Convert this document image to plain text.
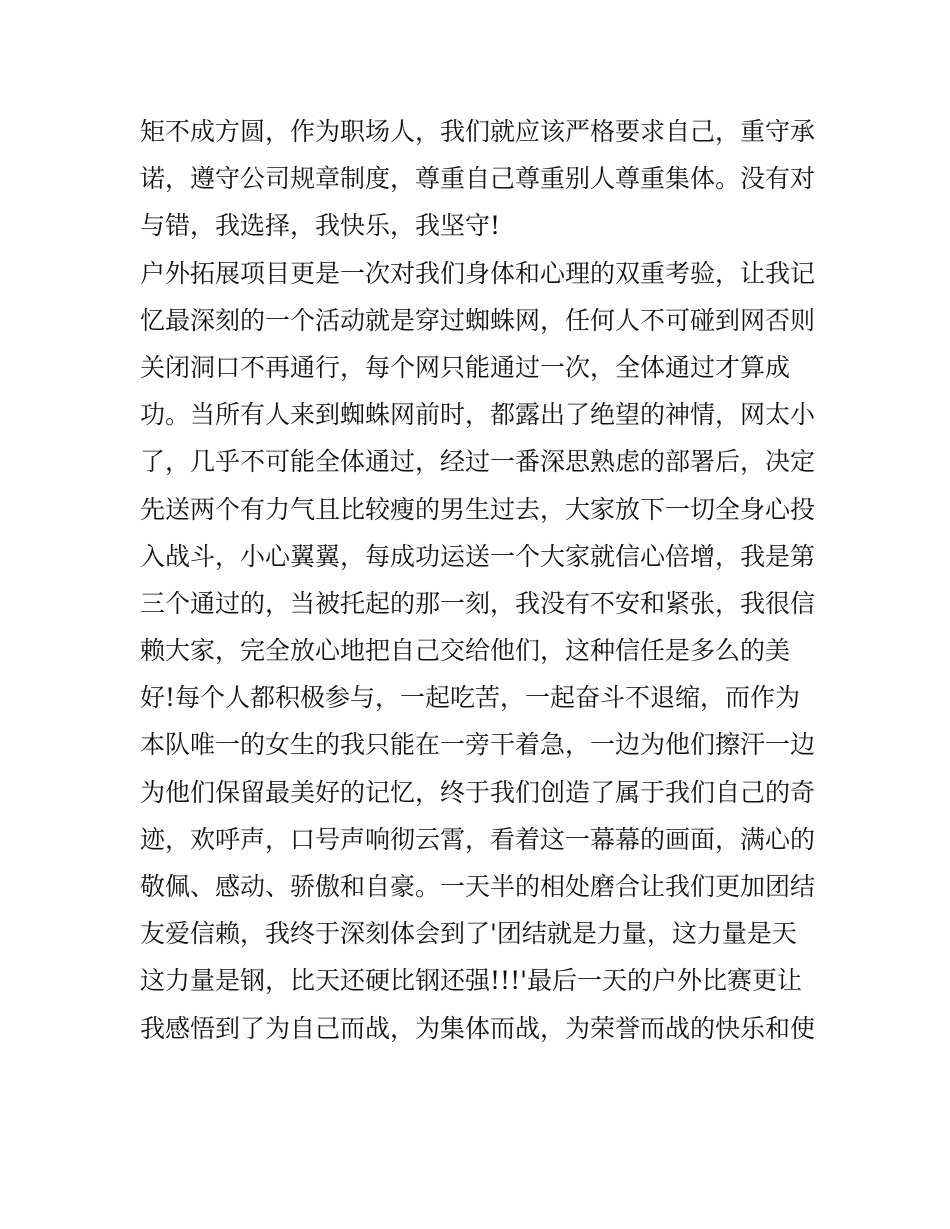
矩不成方圆，作为职场人，我们就应该严格要求自己，重守承
诺，遵守公司规章制度，尊重自己尊重别人尊重集体。没有对
与错，我选择，我快乐，我坚守!
户外拓展项目更是一次对我们身体和心理的双重考验，让我记
忆最深刻的一个活动就是穿过蜘蛛网，任何人不可碰到网否则
关闭洞口不再通行，每个网只能通过一次，全体通过才算成
功。当所有人来到蜘蛛网前时，都露出了绝望的神情，网太小
了，几乎不可能全体通过，经过一番深思熟虑的部署后，决定
先送两个有力气且比较瘦的男生过去，大家放下一切全身心投
入战斗，小心翼翼，每成功运送一个大家就信心倍增，我是第
三个通过的，当被托起的那一刻，我没有不安和紧张，我很信
赖大家，完全放心地把自己交给他们，这种信任是多么的美
好!每个人都积极参与，一起吃苦，一起奋斗不退缩，而作为
本队唯一的女生的我只能在一旁干着急，一边为他们擦汗一边
为他们保留最美好的记忆，终于我们创造了属于我们自己的奇
迹，欢呼声，口号声响彻云霄，看着这一幕幕的画面，满心的
敬佩、感动、骄傲和自豪。一天半的相处磨合让我们更加团结
友爱信赖，我终于深刻体会到了'团结就是力量，这力量是天
这力量是钢，比天还硬比钢还强!!!'最后一天的户外比赛更让
我感悟到了为自己而战，为集体而战，为荣誉而战的快乐和使
